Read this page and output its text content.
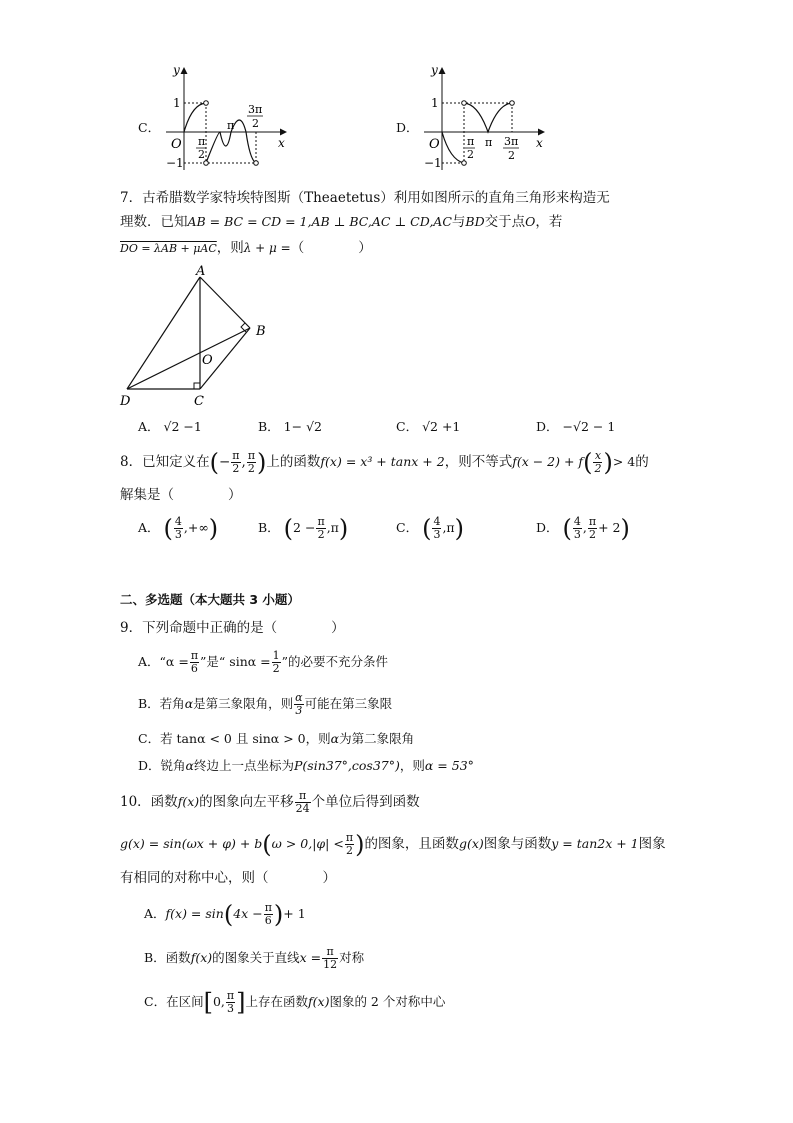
C．
y
x
O
1
−1
π
2
π
3π
2	D．
y
x
O
1
−1
π
2
π 3π
2
7．古希腊数学家特埃特图斯（Theaetetus）利用如图所示的直角三角形来构造无
理数．已知AB = BC = CD = 1,AB ⊥ BC,AC ⊥ CD,AC与BD交于点O，若
DO = λAB + μAC，则λ + μ =（　　　　）
A
B
C
D
O
A． √2 −1	B． 1− √2	C． √2 +1	D． −√2 − 1
8．已知定义在(− $\frac{\pi}{2}$ , $\frac{\pi}{2}$ )上的函数f(x) = x³ + tanx + 2，则不等式$f(x - 2) + f( \frac{x}{2}$ )> 4的
解集是（　　　　）
A． ( $\frac{4}{3}$ ,+∞)	B． $(2 - \frac{\pi}{2} ,\pi)$	C． ( $\frac{4}{3} ,\pi$)	D． ( $\frac{4}{3}$ , $\frac{\pi}{2} + 2$)
二、多选题（本大题共 3 小题）
9．下列命题中正确的是（　　　　）
A．“$\alpha = \frac{\pi}{6}$ ”是“ $\sin\alpha = \frac{1}{2}$ ”的必要不充分条件
B．若角α是第三象限角，则 $\frac{\alpha}{3}$ 可能在第三象限
C．若 tanα < 0 且 sinα > 0，则α为第二象限角
D．锐角α终边上一点坐标为P(sin37°,cos37°)，则α = 53°
10．函数f(x)的图象向左平移 $\frac{\pi}{24}$ 个单位后得到函数
$g(x) = \sin(\omega x + \varphi) + b(\omega > 0,|\varphi| < \frac{\pi}{2}$ )的图象，且函数g(x)图象与函数y = tan2x + 1图象
有相同的对称中心，则（　　　　）
A．$f(x) = \sin(4x - \frac{\pi}{6}$ )+ 1
B．函数f(x)的图象关于直线$x = \frac{\pi}{12}$ 对称
C．在区间[0, $\frac{\pi}{3}$ ]上存在函数f(x)图象的 2 个对称中心
